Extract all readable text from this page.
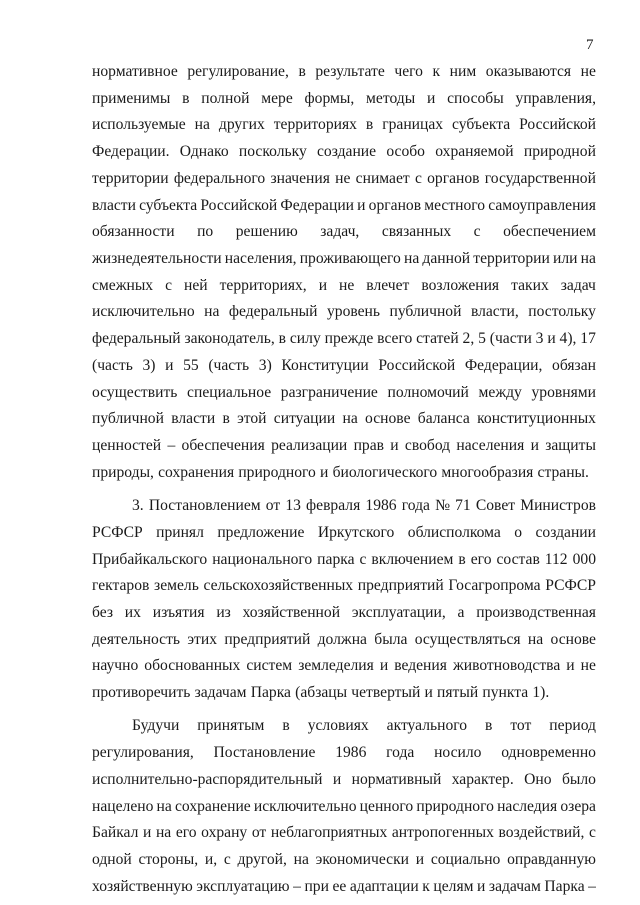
7
нормативное регулирование, в результате чего к ним оказываются не
применимы в полной мере формы, методы и способы управления,
используемые на других территориях в границах субъекта Российской
Федерации. Однако поскольку создание особо охраняемой природной
территории федерального значения не снимает с органов государственной
власти субъекта Российской Федерации и органов местного самоуправления
обязанности по решению задач, связанных с обеспечением
жизнедеятельности населения, проживающего на данной территории или на
смежных с ней территориях, и не влечет возложения таких задач
исключительно на федеральный уровень публичной власти, постольку
федеральный законодатель, в силу прежде всего статей 2, 5 (части 3 и 4), 17
(часть 3) и 55 (часть 3) Конституции Российской Федерации, обязан
осуществить специальное разграничение полномочий между уровнями
публичной власти в этой ситуации на основе баланса конституционных
ценностей – обеспечения реализации прав и свобод населения и защиты
природы, сохранения природного и биологического многообразия страны.
3. Постановлением от 13 февраля 1986 года № 71 Совет Министров
РСФСР принял предложение Иркутского облисполкома о создании
Прибайкальского национального парка с включением в его состав 112 000
гектаров земель сельскохозяйственных предприятий Госагропрома РСФСР
без их изъятия из хозяйственной эксплуатации, а производственная
деятельность этих предприятий должна была осуществляться на основе
научно обоснованных систем земледелия и ведения животноводства и не
противоречить задачам Парка (абзацы четвертый и пятый пункта 1).
Будучи принятым в условиях актуального в тот период
регулирования, Постановление 1986 года носило одновременно
исполнительно-распорядительный и нормативный характер. Оно было
нацелено на сохранение исключительно ценного природного наследия озера
Байкал и на его охрану от неблагоприятных антропогенных воздействий, с
одной стороны, и, с другой, на экономически и социально оправданную
хозяйственную эксплуатацию – при ее адаптации к целям и задачам Парка –
